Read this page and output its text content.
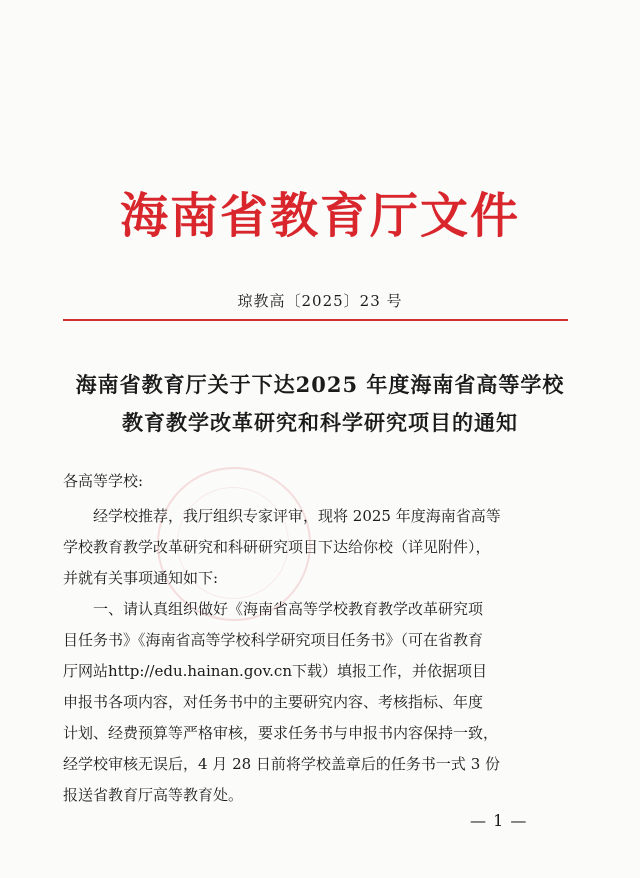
海南省教育厅文件
琼教高〔2025〕23 号
海南省教育厅关于下达2025 年度海南省高等学校
教育教学改革研究和科学研究项目的通知
各高等学校:
　　经学校推荐，我厅组织专家评审，现将 2025 年度海南省高等
学校教育教学改革研究和科研研究项目下达给你校（详见附件），
并就有关事项通知如下:
　　一、请认真组织做好《海南省高等学校教育教学改革研究项
目任务书》《海南省高等学校科学研究项目任务书》（可在省教育
厅网站http://edu.hainan.gov.cn下载）填报工作，并依据项目
申报书各项内容，对任务书中的主要研究内容、考核指标、年度
计划、经费预算等严格审核，要求任务书与申报书内容保持一致，
经学校审核无误后，4 月 28 日前将学校盖章后的任务书一式 3 份
报送省教育厅高等教育处。
— 1 —
